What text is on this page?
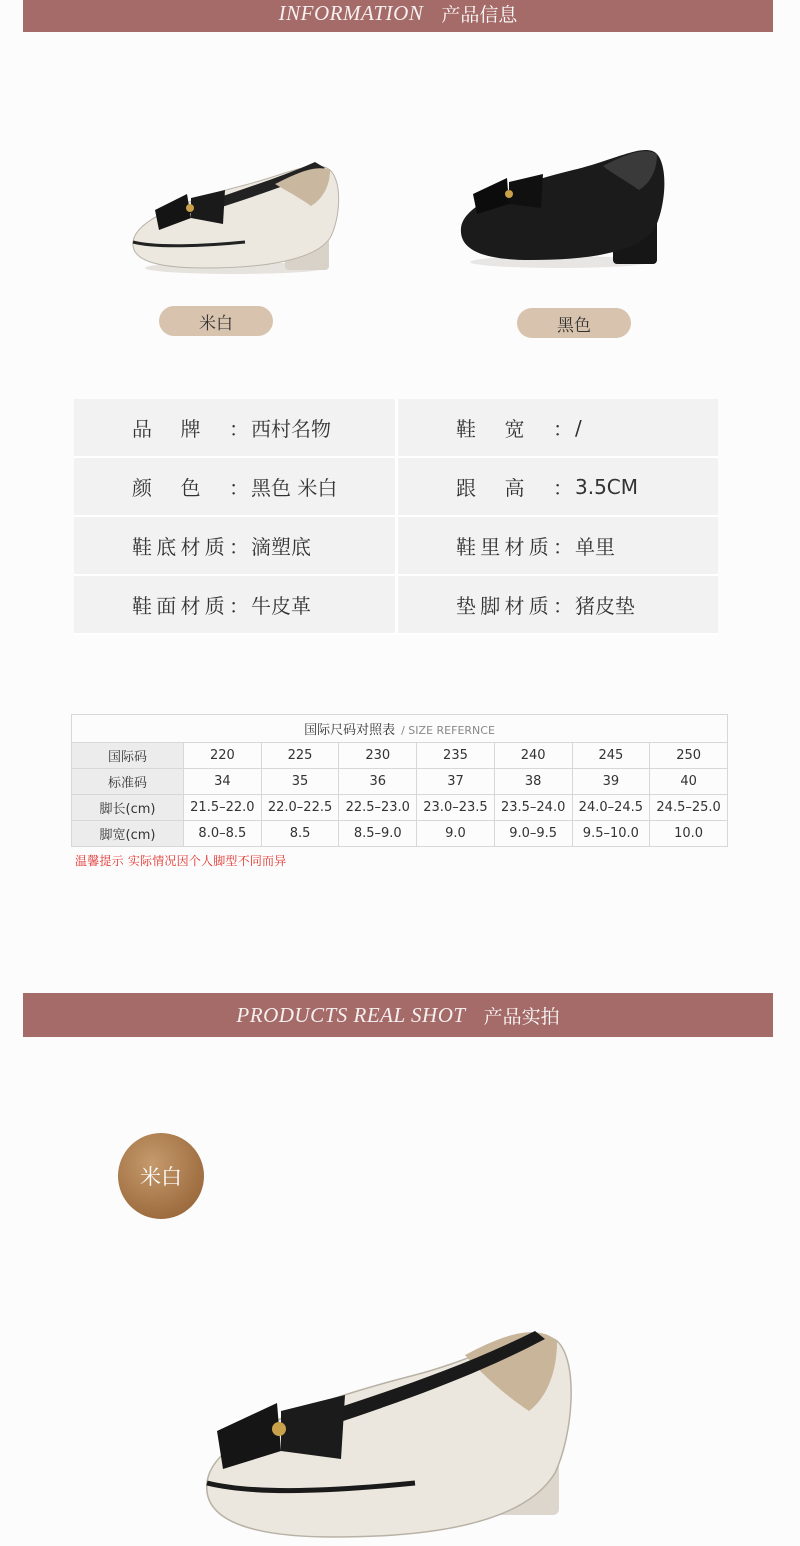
INFORMATION 产品信息
米白	黑色
品牌： 西村名物	鞋宽： /
颜色： 黑色 米白	跟高： 3.5CM
鞋底材质： 滴塑底	鞋里材质： 单里
鞋面材质： 牛皮革	垫脚材质： 猪皮垫
国际尺码对照表 / SIZE REFERNCE							
国际码	220	225	230	235	240	245	250
标准码	34	35	36	37	38	39	40
脚长(cm)	21.5–22.0	22.0–22.5	22.5–23.0	23.0–23.5	23.5–24.0	24.0–24.5	24.5–25.0
脚宽(cm)	8.0–8.5	8.5	8.5–9.0	9.0	9.0–9.5	9.5–10.0	10.0
温馨提示 实际情况因个人脚型不同而异
PRODUCTS REAL SHOT 产品实拍
米白
